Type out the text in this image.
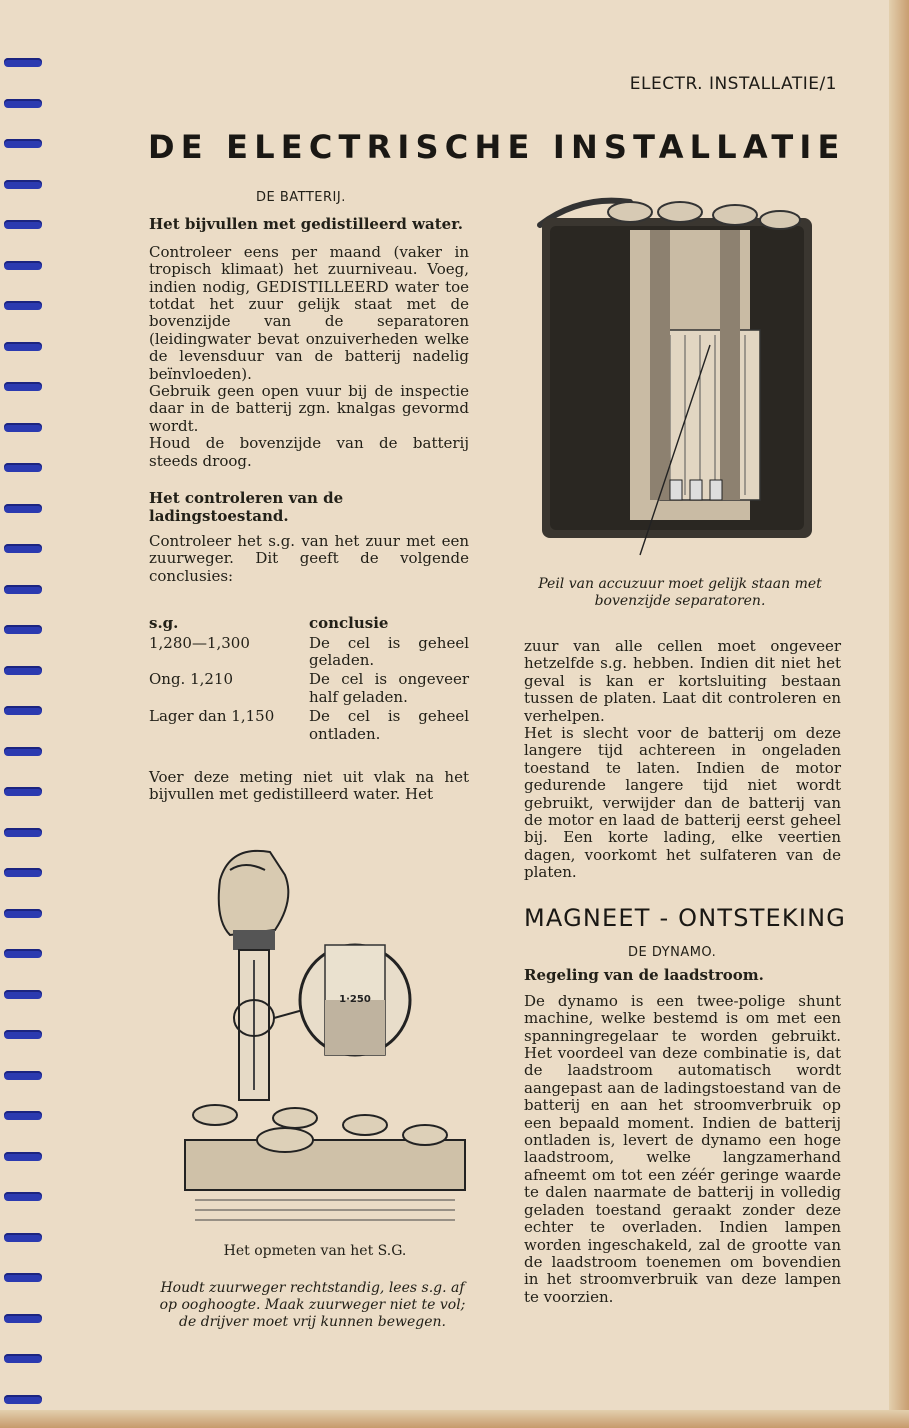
ELECTR. INSTALLATIE/1
DE ELECTRISCHE INSTALLATIE
DE BATTERIJ.
Het bijvullen met gedistilleerd water.

Controleer eens per maand (vaker in tropisch klimaat) het zuurniveau. Voeg, indien nodig, GEDISTILLEERD water toe totdat het zuur gelijk staat met de bovenzijde van de separatoren (leidingwater bevat onzuiverheden welke de levensduur van de batterij nadelig beïnvloeden).

Gebruik geen open vuur bij de inspectie daar in de batterij zgn. knalgas gevormd wordt.

Houd de bovenzijde van de batterij steeds droog.

Het controleren van de ladingstoestand.

Controleer het s.g. van het zuur met een zuurweger. Dit geeft de volgende conclusies:

s.g.	conclusie
1,280—1,300	De cel is geheel geladen.
Ong. 1,210	De cel is ongeveer half geladen.
Lager dan 1,150	De cel is geheel ontladen.

Voer deze meting niet uit vlak na het bijvullen met gedistilleerd water. Het

Peil van accuzuur moet gelijk staan met bovenzijde separatoren.
1·250
Het opmeten van het S.G.
Houdt zuurweger rechtstandig, lees s.g. af op ooghoogte. Maak zuurweger niet te vol; de drijver moet vrij kunnen bewegen.

zuur van alle cellen moet ongeveer hetzelfde s.g. hebben. Indien dit niet het geval is kan er kortsluiting bestaan tussen de platen. Laat dit controleren en verhelpen.

Het is slecht voor de batterij om deze langere tijd achtereen in ongeladen toestand te laten. Indien de motor gedurende langere tijd niet wordt gebruikt, verwijder dan de batterij van de motor en laad de batterij eerst geheel bij. Een korte lading, elke veertien dagen, voorkomt het sulfateren van de platen.

MAGNEET - ONTSTEKING
DE DYNAMO.
Regeling van de laadstroom.

De dynamo is een twee-polige shunt machine, welke bestemd is om met een spanningregelaar te worden gebruikt. Het voordeel van deze combinatie is, dat de laadstroom automatisch wordt aangepast aan de ladingstoestand van de batterij en aan het stroomverbruik op een bepaald moment. Indien de batterij ontladen is, levert de dynamo een hoge laadstroom, welke langzamerhand afneemt om tot een zéér geringe waarde te dalen naarmate de batterij in volledig geladen toestand geraakt zonder deze echter te overladen. Indien lampen worden ingeschakeld, zal de grootte van de laadstroom toenemen om bovendien in het stroomverbruik van deze lampen te voorzien.
